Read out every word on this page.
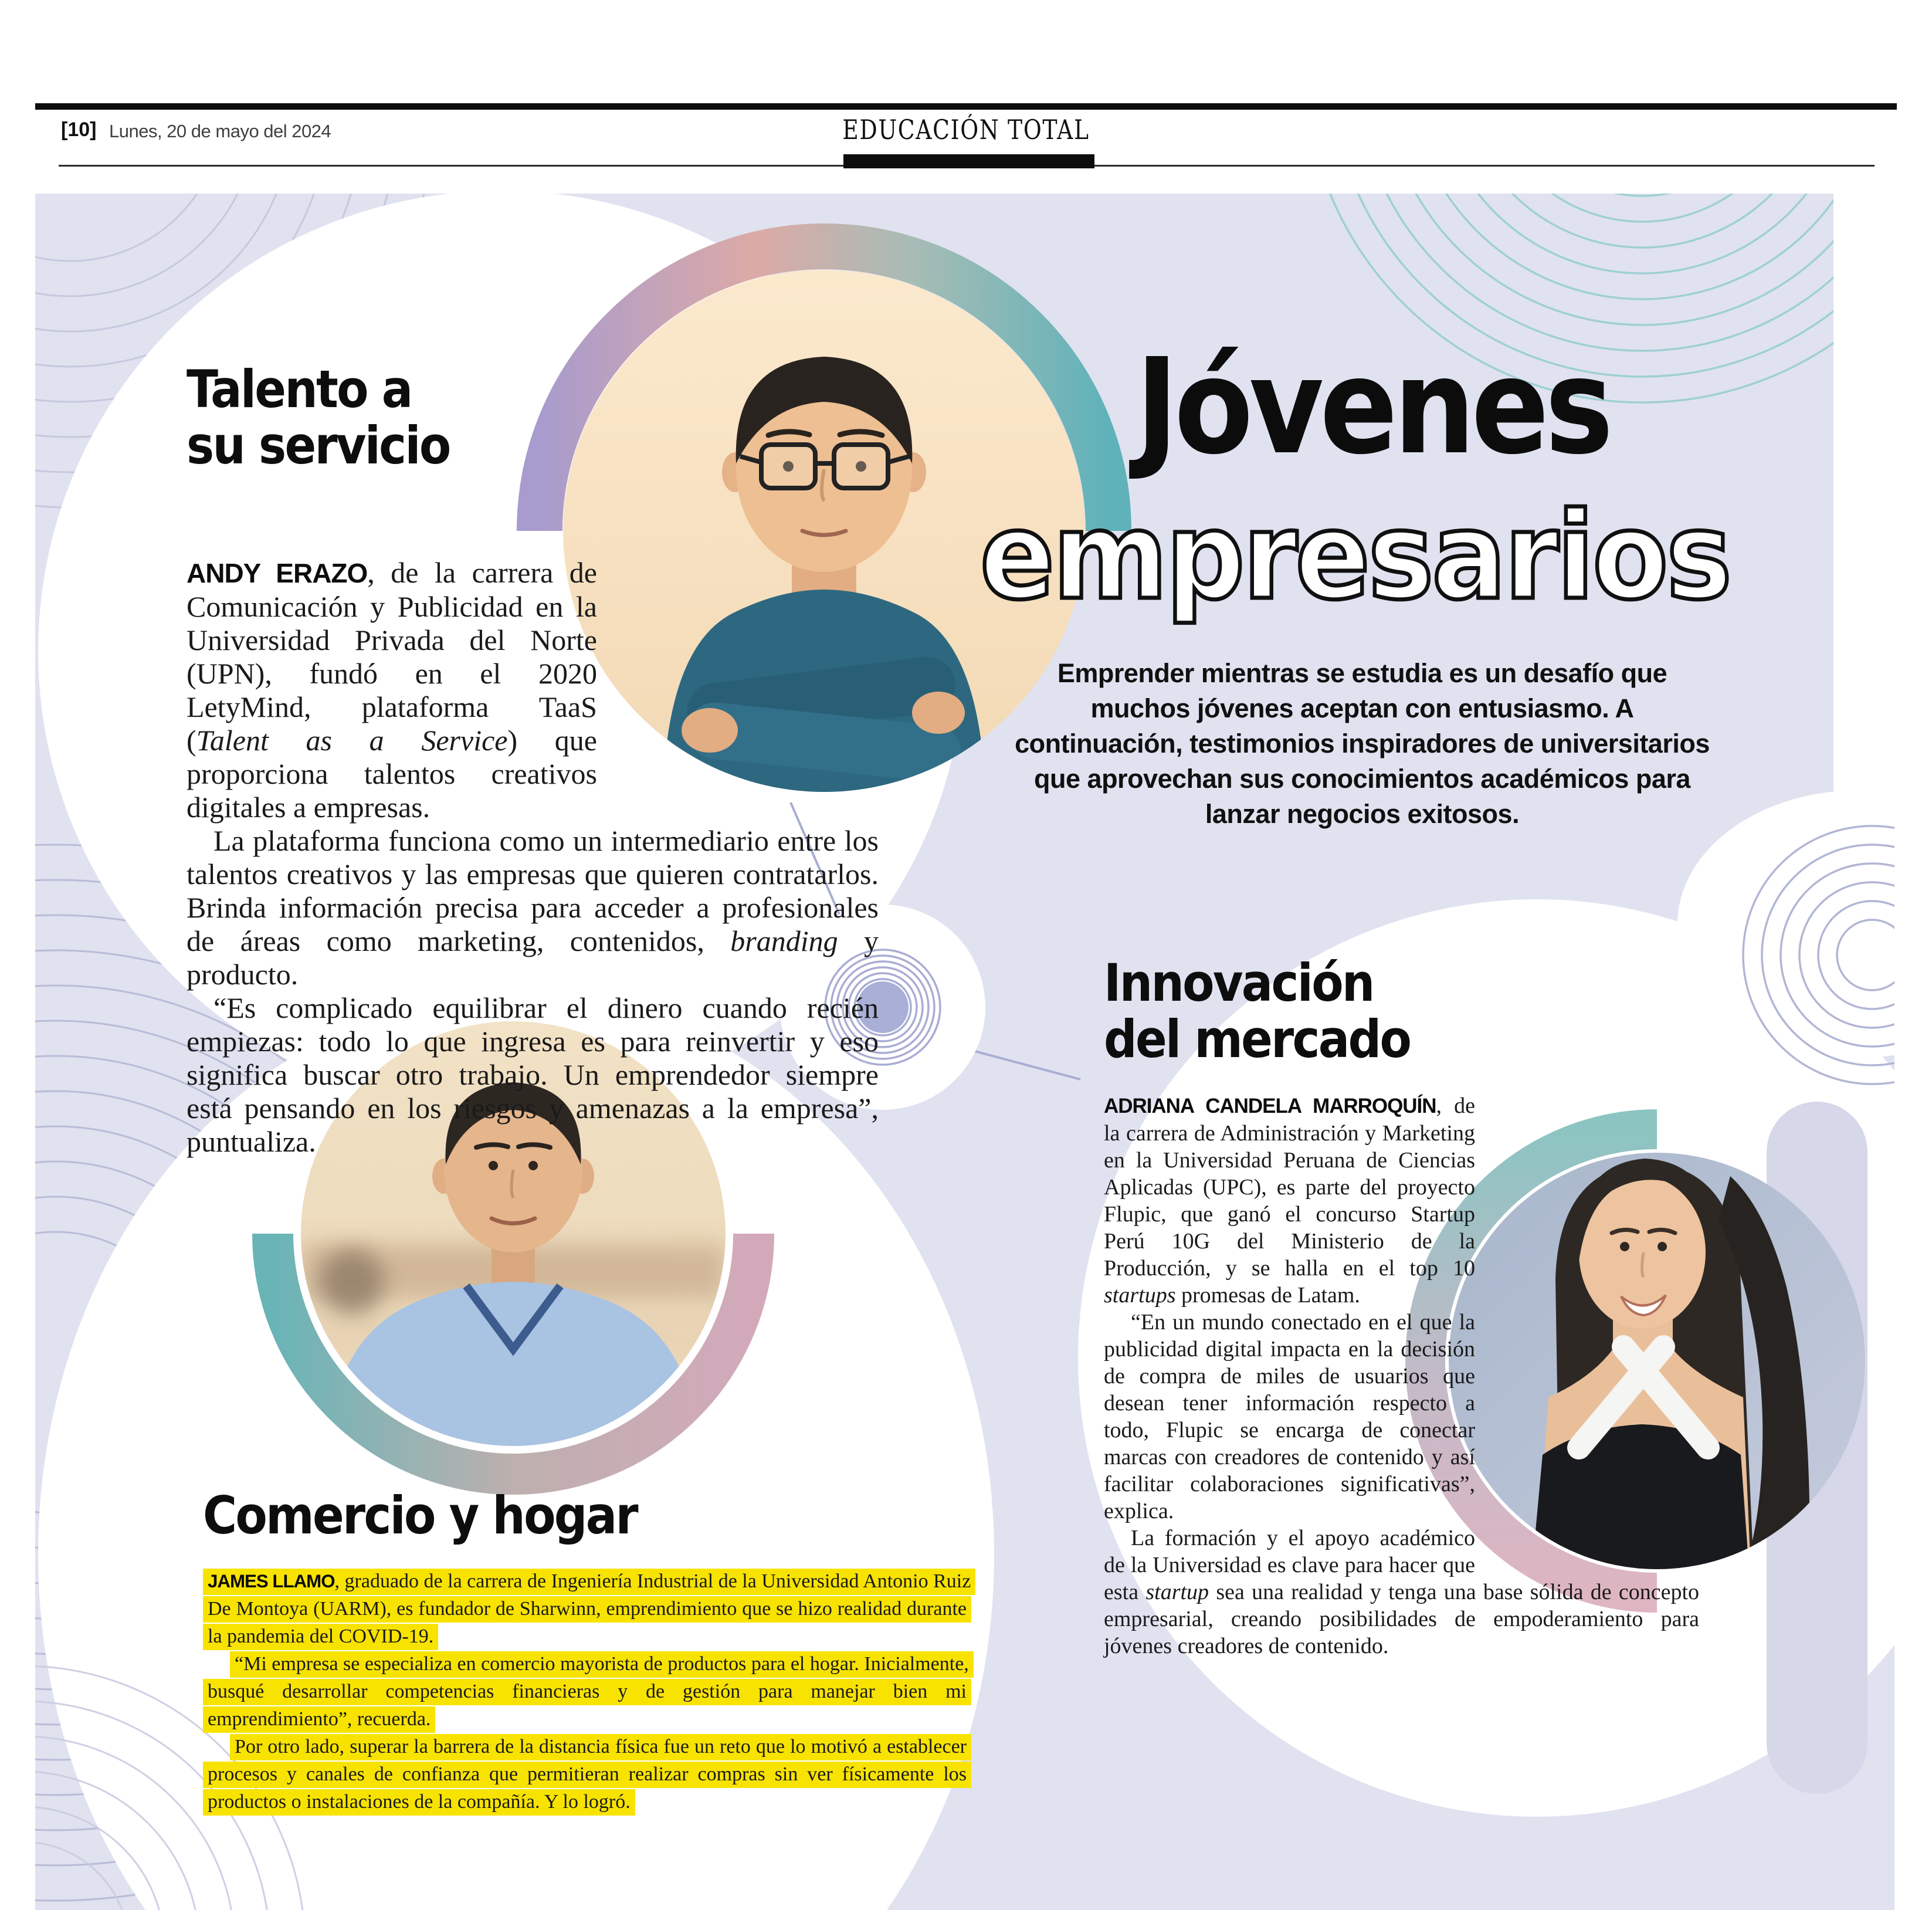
[10] Lunes, 20 de mayo del 2024	EDUCACIÓN TOTAL
Jóvenes
empresarios
Emprender mientras se estudia es un desafío que muchos jóvenes aceptan con entusiasmo. A continuación, testimonios inspiradores de universitarios que aprovechan sus conocimientos académicos para lanzar negocios exitosos.
Talento a
su servicio

ANDY ERAZO, de la carrera de Comunicación y Publicidad en la Universidad Privada del Norte (UPN), fundó en el 2020 LetyMind, plataforma TaaS (Talent as a Service) que proporciona talentos creativos digitales a empresas.

La plataforma funciona como un intermediario entre los talentos creativos y las empresas que quieren contratarlos. Brinda información precisa para acceder a profesionales de áreas como marketing, contenidos, branding y producto.

“Es complicado equilibrar el dinero cuando recién empiezas: todo lo que ingresa es para reinvertir y eso significa buscar otro trabajo. Un emprendedor siempre está pensando en los riesgos y amenazas a la empresa”, puntualiza.

Comercio y hogar

JAMES LLAMO, graduado de la carrera de Ingeniería Industrial de la Universidad Antonio Ruiz De Montoya (UARM), es fundador de Sharwinn, emprendimiento que se hizo realidad durante la pandemia del COVID-19.

“Mi empresa se especializa en comercio mayorista de productos para el hogar. Inicialmente, busqué desarrollar competencias financieras y de gestión para manejar bien mi emprendimiento”, recuerda.

Por otro lado, superar la barrera de la distancia física fue un reto que lo motivó a establecer procesos y canales de confianza que permitieran realizar compras sin ver físicamente los productos o instalaciones de la compañía. Y lo logró.

Innovación
del mercado

ADRIANA CANDELA MARROQUÍN, de la carrera de Administración y Marketing en la Universidad Peruana de Ciencias Aplicadas (UPC), es parte del proyecto Flupic, que ganó el concurso Startup Perú 10G del Ministerio de la Producción, y se halla en el top 10 startups promesas de Latam.

“En un mundo conectado en el que la publicidad digital impacta en la decisión de compra de miles de usuarios que desean tener información respecto a todo, Flupic se encarga de conectar marcas con creadores de contenido y así facilitar colaboraciones significativas”, explica.

La formación y el apoyo académico de la Universidad es clave para hacer que esta startup sea una realidad y tenga una base sólida de concepto empresarial, creando posibilidades de empoderamiento para jóvenes creadores de contenido.
